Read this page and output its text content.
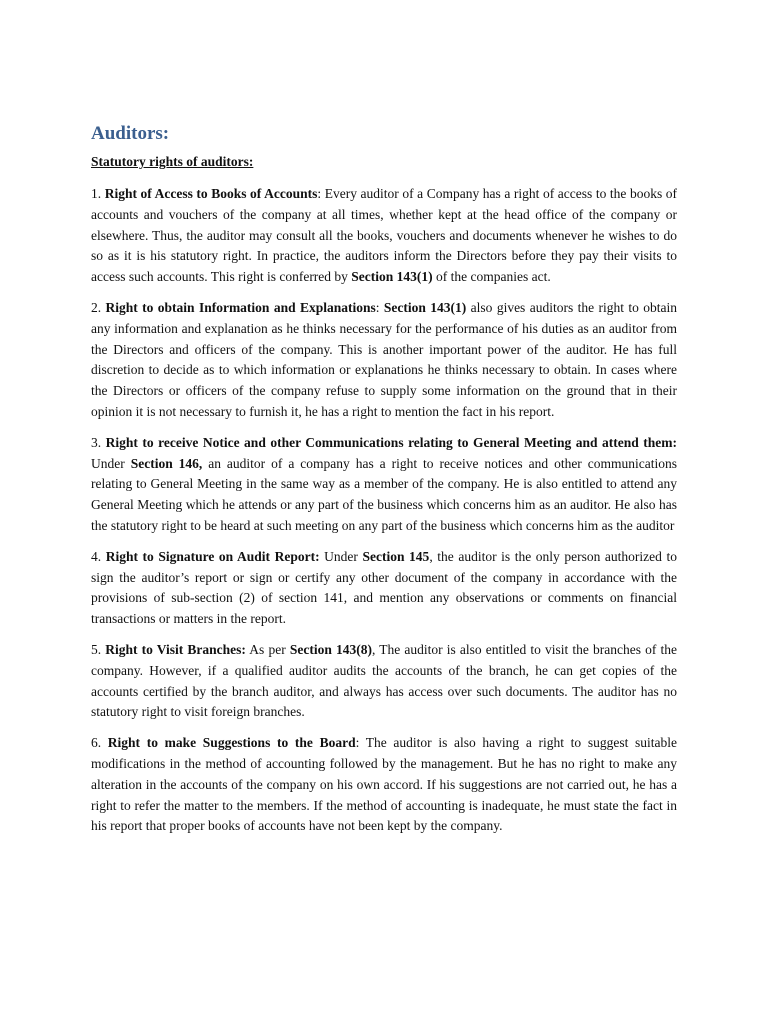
Auditors:
Statutory rights of auditors:

1. Right of Access to Books of Accounts: Every auditor of a Company has a right of access to the books of accounts and vouchers of the company at all times, whether kept at the head office of the company or elsewhere. Thus, the auditor may consult all the books, vouchers and documents whenever he wishes to do so as it is his statutory right. In practice, the auditors inform the Directors before they pay their visits to access such accounts. This right is conferred by Section 143(1) of the companies act.

2. Right to obtain Information and Explanations: Section 143(1) also gives auditors the right to obtain any information and explanation as he thinks necessary for the performance of his duties as an auditor from the Directors and officers of the company. This is another important power of the auditor. He has full discretion to decide as to which information or explanations he thinks necessary to obtain. In cases where the Directors or officers of the company refuse to supply some information on the ground that in their opinion it is not necessary to furnish it, he has a right to mention the fact in his report.

3. Right to receive Notice and other Communications relating to General Meeting and attend them: Under Section 146, an auditor of a company has a right to receive notices and other communications relating to General Meeting in the same way as a member of the company. He is also entitled to attend any General Meeting which he attends or any part of the business which concerns him as an auditor. He also has the statutory right to be heard at such meeting on any part of the business which concerns him as the auditor

4. Right to Signature on Audit Report: Under Section 145, the auditor is the only person authorized to sign the auditor’s report or sign or certify any other document of the company in accordance with the provisions of sub-section (2) of section 141, and mention any observations or comments on financial transactions or matters in the report.

5. Right to Visit Branches: As per Section 143(8), The auditor is also entitled to visit the branches of the company. However, if a qualified auditor audits the accounts of the branch, he can get copies of the accounts certified by the branch auditor, and always has access over such documents. The auditor has no statutory right to visit foreign branches.

6. Right to make Suggestions to the Board: The auditor is also having a right to suggest suitable modifications in the method of accounting followed by the management. But he has no right to make any alteration in the accounts of the company on his own accord. If his suggestions are not carried out, he has a right to refer the matter to the members. If the method of accounting is inadequate, he must state the fact in his report that proper books of accounts have not been kept by the company.
